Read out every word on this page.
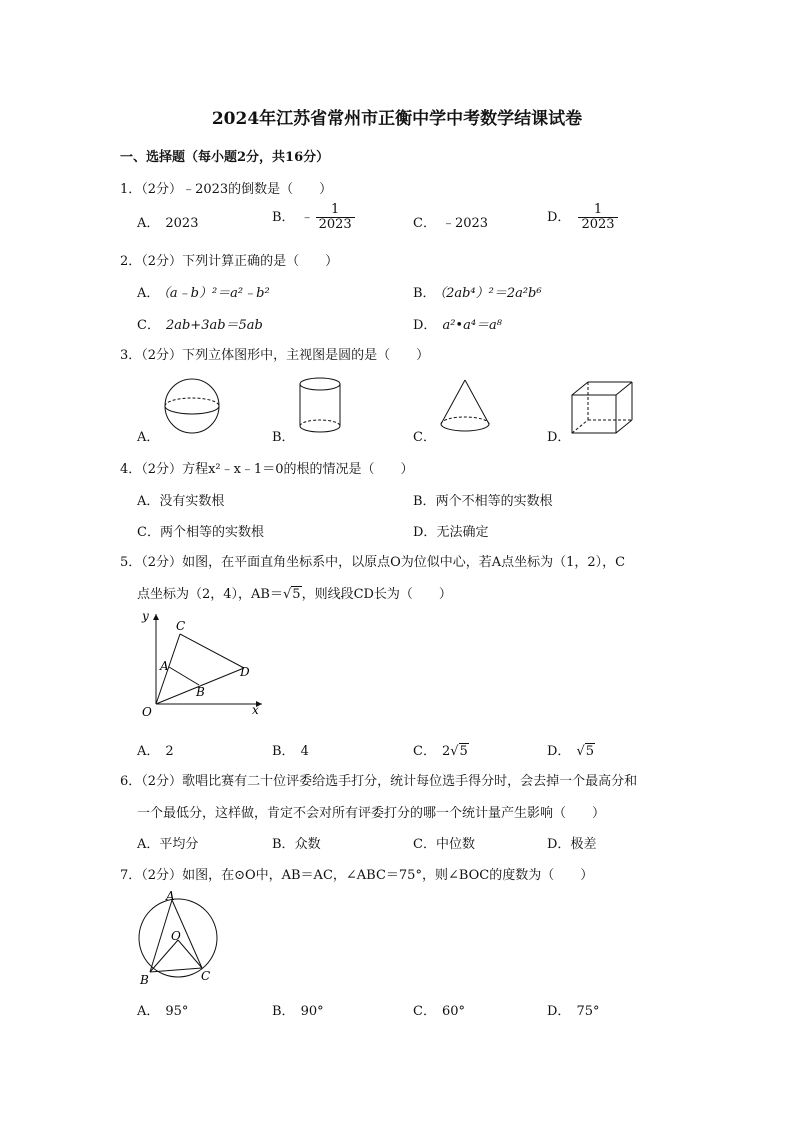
2024年江苏省常州市正衡中学中考数学结课试卷
一、选择题（每小题2分，共16分）
1．（2分）﹣2023的倒数是（　　）
A． 2023	B． ﹣ $\frac{1}{2023}$	C． ﹣2023	D． $\frac{1}{2023}$
2．（2分）下列计算正确的是（　　）
A． （a﹣b）²＝a²﹣b²	B． （2ab⁴）²＝2a²b⁶
C． 2ab+3ab＝5ab	D． a²•a⁴＝a⁸
3．（2分）下列立体图形中，主视图是圆的是（　　）
A．	B．	C．	D．
4．（2分）方程x²﹣x﹣1＝0的根的情况是（　　）
A．没有实数根	B．两个不相等的实数根
C．两个相等的实数根	D．无法确定
5．（2分）如图，在平面直角坐标系中，以原点O为位似中心，若A点坐标为（1，2），C
点坐标为（2，4），AB＝√5，则线段CD长为（　　）
y
x
O
A
B
C
D
A． 2	B． 4	C． 2√5	D． √5
6．（2分）歌唱比赛有二十位评委给选手打分，统计每位选手得分时，会去掉一个最高分和
一个最低分，这样做，肯定不会对所有评委打分的哪一个统计量产生影响（　　）
A．平均分	B．众数	C．中位数	D．极差
7．（2分）如图，在⊙O中，AB＝AC，∠ABC＝75°，则∠BOC的度数为（　　）
A
O
B	C
A． 95°	B． 90°	C． 60°	D． 75°
